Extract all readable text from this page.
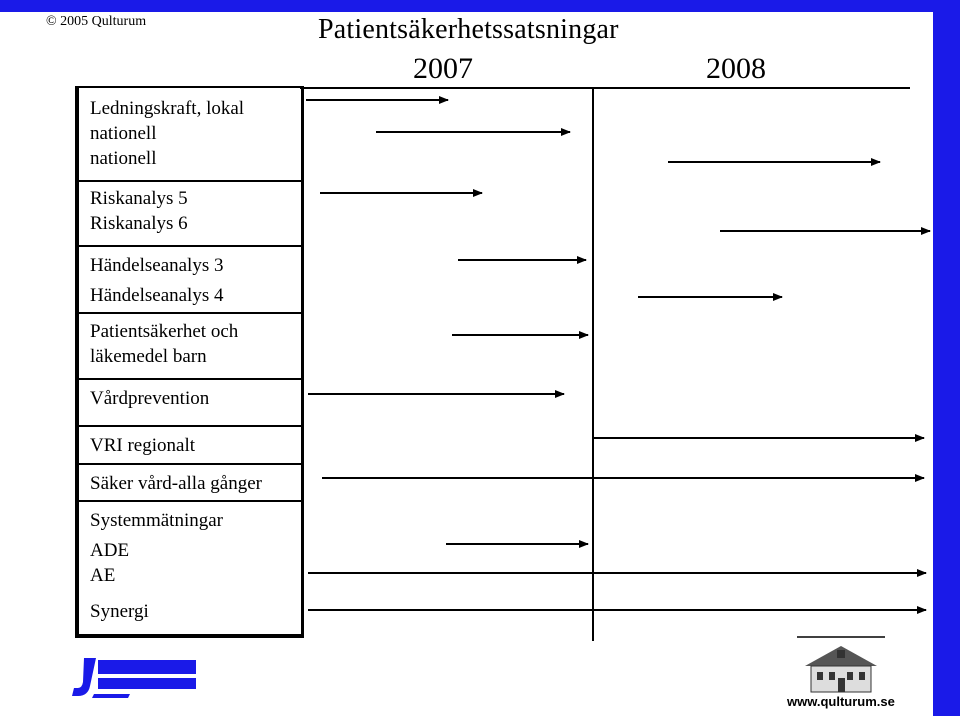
© 2005 Qulturum	Patientsäkerhetssatsningar
2007	2008
Ledningskraft, lokal
nationell
nationell
Riskanalys 5
Riskanalys 6
Händelseanalys 3
Händelseanalys 4
Patientsäkerhet och
läkemedel barn
Vårdprevention
VRI regionalt
Säker vård-alla gånger
Systemmätningar
ADE
AE
Synergi
www.qulturum.se
